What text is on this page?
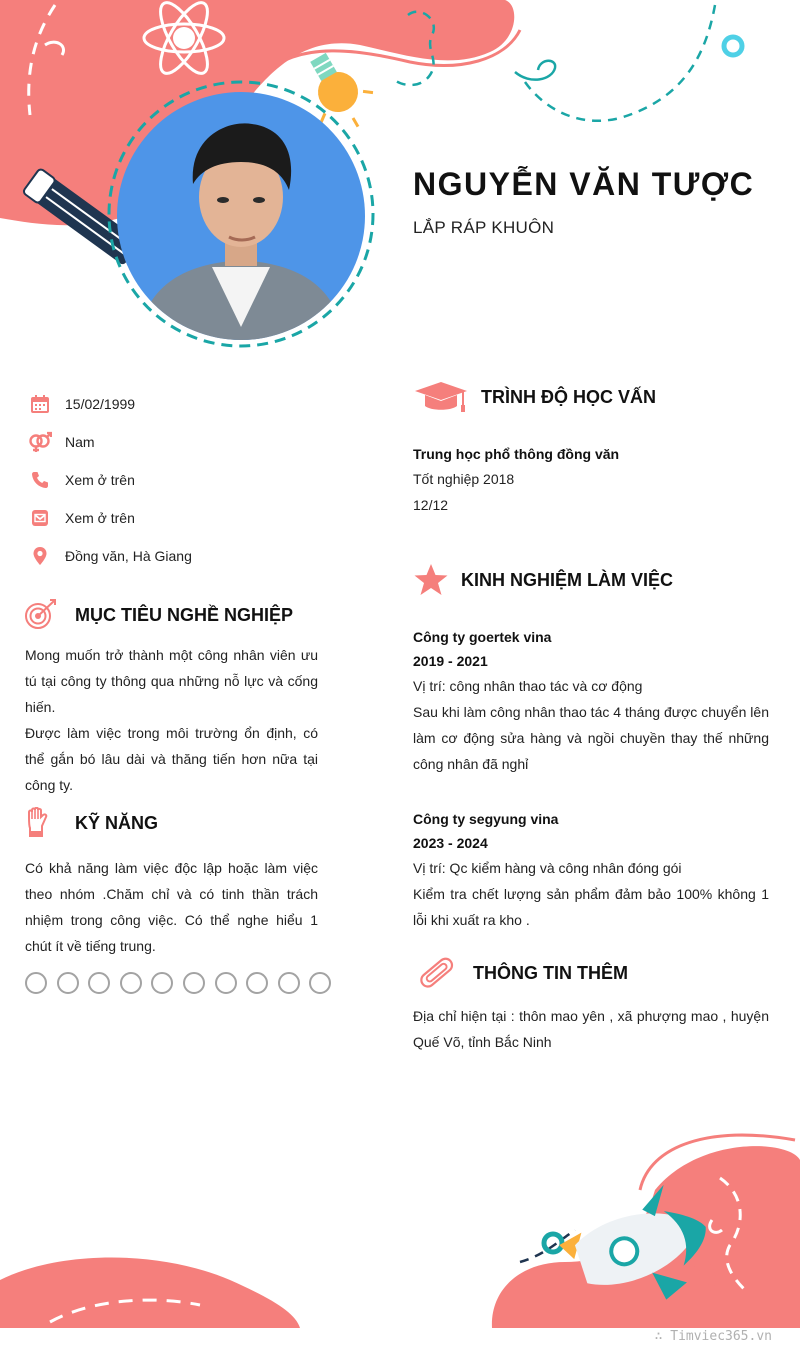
NGUYỄN VĂN TƯỢC
LẮP RÁP KHUÔN
15/02/1999
Nam
Xem ở trên
Xem ở trên
Đồng văn, Hà Giang
MỤC TIÊU NGHỀ NGHIỆP

Mong muốn trở thành một công nhân viên ưu tú tại công ty thông qua những nỗ lực và cống hiến.

Được làm việc trong môi trường ổn định, có thể gắn bó lâu dài và thăng tiến hơn nữa tại công ty.

KỸ NĂNG
Có khả năng làm việc độc lập hoặc làm việc theo nhóm .Chăm chỉ và có tinh thần trách nhiệm trong công việc. Có thể nghe hiểu 1 chút ít về tiếng trung.
TRÌNH ĐỘ HỌC VẤN
Trung học phổ thông đồng văn
Tốt nghiệp 2018
12/12
KINH NGHIỆM LÀM VIỆC
Công ty goertek vina
2019 - 2021
Vị trí: công nhân thao tác và cơ động
Sau khi làm công nhân thao tác 4 tháng được chuyển lên làm cơ động sửa hàng và ngồi chuyền thay thế những công nhân đã nghỉ
Công ty segyung vina
2023 - 2024
Vị trí: Qc kiểm hàng và công nhân đóng gói
Kiểm tra chết lượng sản phẩm đảm bảo 100% không 1 lỗi khi xuất ra kho .
THÔNG TIN THÊM
Địa chỉ hiện tại : thôn mao yên , xã phượng mao , huyện Quế Võ, tỉnh Bắc Ninh
∴ Timviec365.vn
